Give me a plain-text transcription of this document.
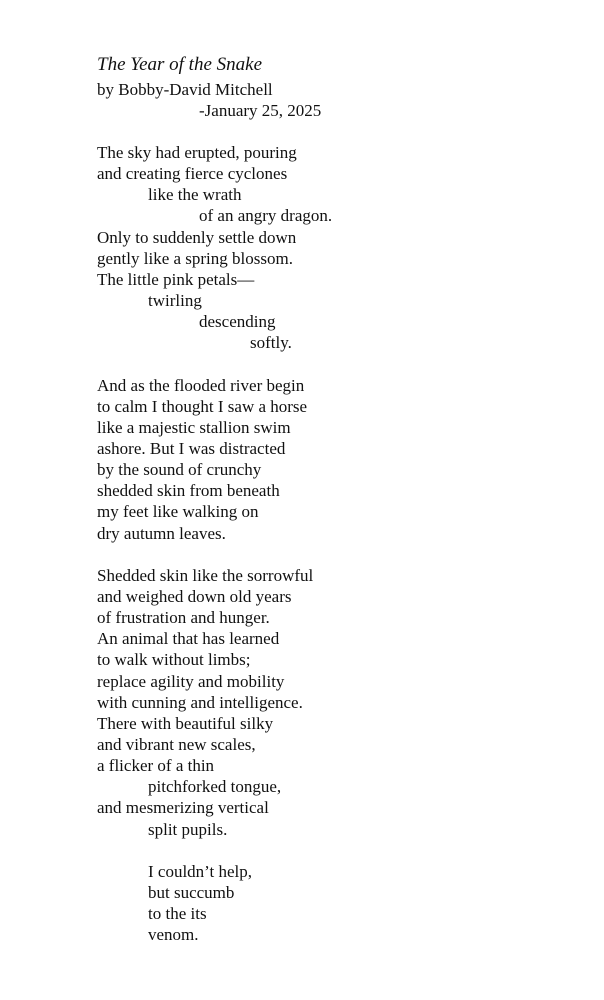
The Year of the Snake
by Bobby-David Mitchell
-January 25, 2025
The sky had erupted, pouring
and creating fierce cyclones
like the wrath
of an angry dragon.
Only to suddenly settle down
gently like a spring blossom.
The little pink petals—
twirling
descending
softly.
And as the flooded river begin
to calm I thought I saw a horse
like a majestic stallion swim
ashore. But I was distracted
by the sound of crunchy
shedded skin from beneath
my feet like walking on
dry autumn leaves.
Shedded skin like the sorrowful
and weighed down old years
of frustration and hunger.
An animal that has learned
to walk without limbs;
replace agility and mobility
with cunning and intelligence.
There with beautiful silky
and vibrant new scales,
a flicker of a thin
pitchforked tongue,
and mesmerizing vertical
split pupils.
I couldn’t help,
but succumb
to the its
venom.
